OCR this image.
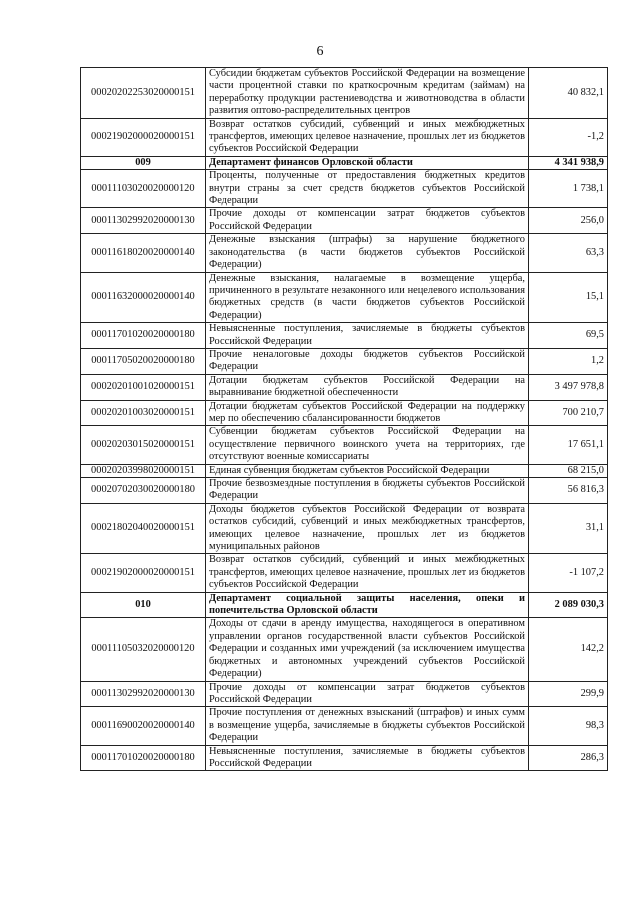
6
00020202253020000151	Субсидии бюджетам субъектов Российской Федерации на возмещение части процентной ставки по краткосрочным кредитам (займам) на переработку продукции растениеводства и животноводства в области развития оптово-распределительных центров	40 832,1
00021902000020000151	Возврат остатков субсидий, субвенций и иных межбюджетных трансфертов, имеющих целевое назначение, прошлых лет из бюджетов субъектов Российской Федерации	-1,2
009	Департамент финансов Орловской области	4 341 938,9
00011103020020000120	Проценты, полученные от предоставления бюджетных кредитов внутри страны за счет средств бюджетов субъектов Российской Федерации	1 738,1
00011302992020000130	Прочие доходы от компенсации затрат бюджетов субъектов Российской Федерации	256,0
00011618020020000140	Денежные взыскания (штрафы) за нарушение бюджетного законодательства (в части бюджетов субъектов Российской Федерации)	63,3
00011632000020000140	Денежные взыскания, налагаемые в возмещение ущерба, причиненного в результате незаконного или нецелевого использования бюджетных средств (в части бюджетов субъектов Российской Федерации)	15,1
00011701020020000180	Невыясненные поступления, зачисляемые в бюджеты субъектов Российской Федерации	69,5
00011705020020000180	Прочие неналоговые доходы бюджетов субъектов Российской Федерации	1,2
00020201001020000151	Дотации бюджетам субъектов Российской Федерации на выравнивание бюджетной обеспеченности	3 497 978,8
00020201003020000151	Дотации бюджетам субъектов Российской Федерации на поддержку мер по обеспечению сбалансированности бюджетов	700 210,7
00020203015020000151	Субвенции бюджетам субъектов Российской Федерации на осуществление первичного воинского учета на территориях, где отсутствуют военные комиссариаты	17 651,1
00020203998020000151	Единая субвенция бюджетам субъектов Российской Федерации	68 215,0
00020702030020000180	Прочие безвозмездные поступления в бюджеты субъектов Российской Федерации	56 816,3
00021802040020000151	Доходы бюджетов субъектов Российской Федерации от возврата остатков субсидий, субвенций и иных межбюджетных трансфертов, имеющих целевое назначение, прошлых лет из бюджетов муниципальных районов	31,1
00021902000020000151	Возврат остатков субсидий, субвенций и иных межбюджетных трансфертов, имеющих целевое назначение, прошлых лет из бюджетов субъектов Российской Федерации	-1 107,2
010	Департамент социальной защиты населения, опеки и попечительства Орловской области	2 089 030,3
00011105032020000120	Доходы от сдачи в аренду имущества, находящегося в оперативном управлении органов государственной власти субъектов Российской Федерации и созданных ими учреждений (за исключением имущества бюджетных и автономных учреждений субъектов Российской Федерации)	142,2
00011302992020000130	Прочие доходы от компенсации затрат бюджетов субъектов Российской Федерации	299,9
00011690020020000140	Прочие поступления от денежных взысканий (штрафов) и иных сумм в возмещение ущерба, зачисляемые в бюджеты субъектов Российской Федерации	98,3
00011701020020000180	Невыясненные поступления, зачисляемые в бюджеты субъектов Российской Федерации	286,3
